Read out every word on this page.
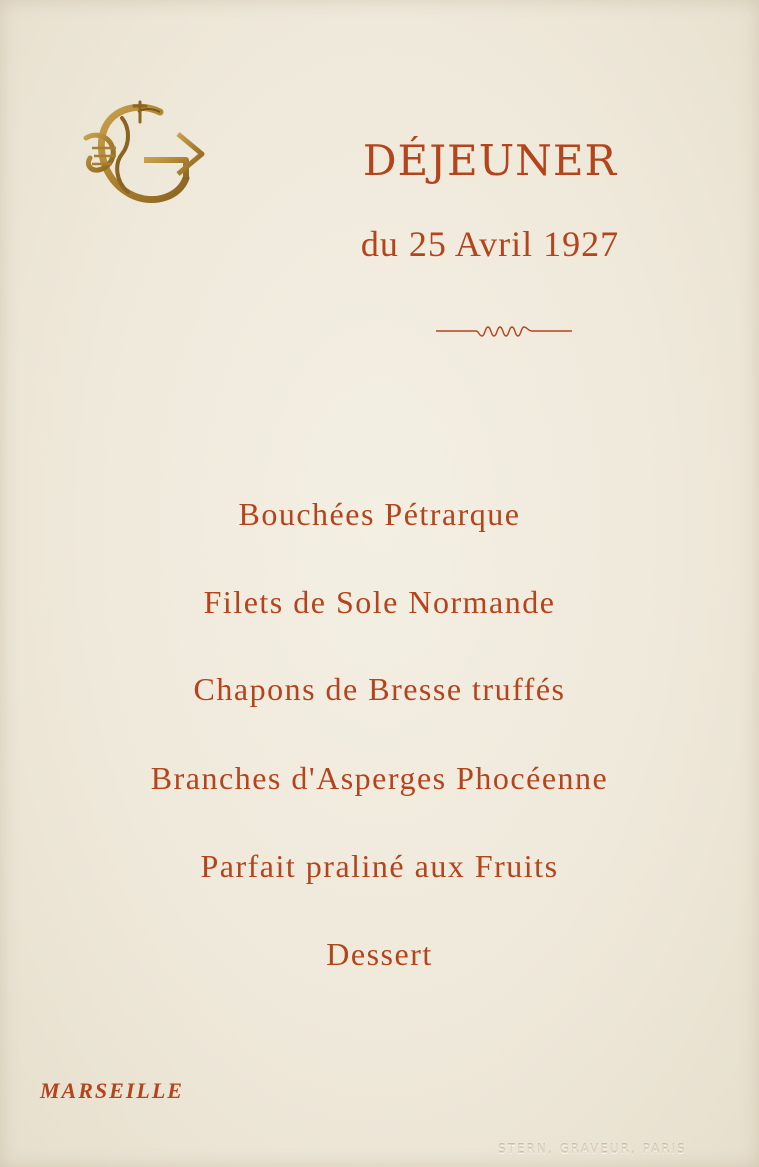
DÉJEUNER
du 25 Avril 1927
Bouchées Pétrarque
Filets de Sole Normande
Chapons de Bresse truffés
Branches d'Asperges Phocéenne
Parfait praliné aux Fruits
Dessert
MARSEILLE
STERN, GRAVEUR, PARIS
